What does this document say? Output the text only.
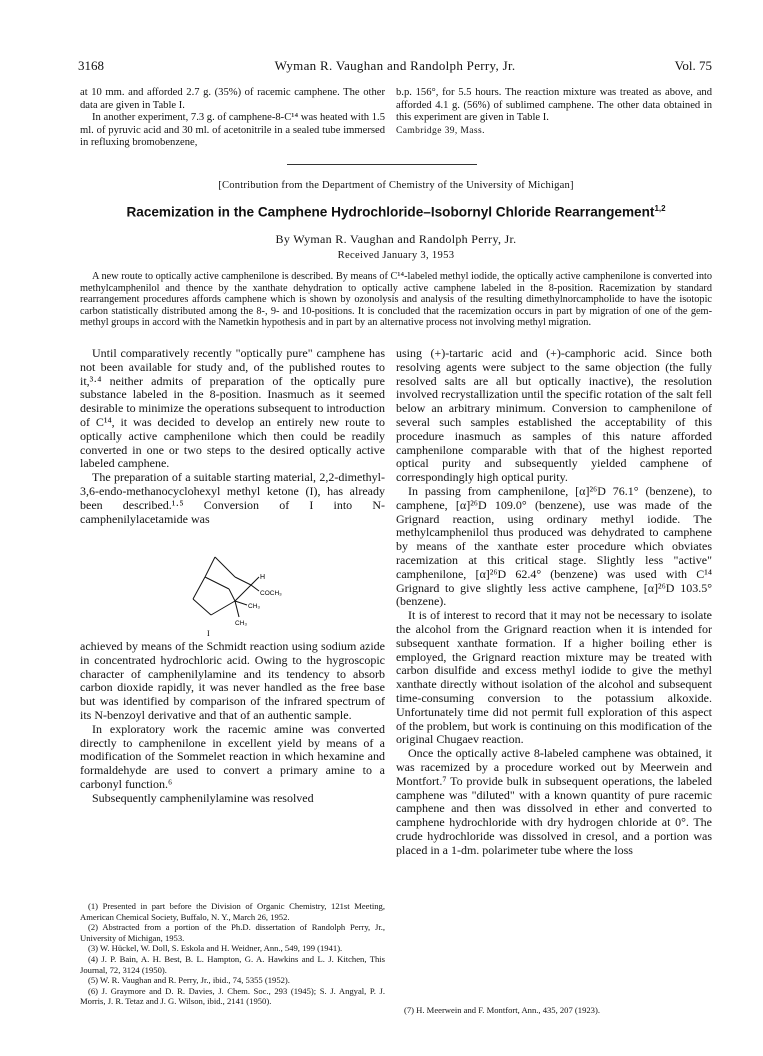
3168	Wyman R. Vaughan and Randolph Perry, Jr.	Vol. 75

at 10 mm. and afforded 2.7 g. (35%) of racemic camphene. The other data are given in Table I.

In another experiment, 7.3 g. of camphene-8-C¹⁴ was heated with 1.5 ml. of pyruvic acid and 30 ml. of acetonitrile in a sealed tube immersed in refluxing bromobenzene,

b.p. 156°, for 5.5 hours. The reaction mixture was treated as above, and afforded 4.1 g. (56%) of sublimed camphene. The other data obtained in this experiment are given in Table I.

Cambridge 39, Mass.

[Contribution from the Department of Chemistry of the University of Michigan]
Racemization in the Camphene Hydrochloride–Isobornyl Chloride Rearrangement$^{1,2}$
By Wyman R. Vaughan and Randolph Perry, Jr.
Received January 3, 1953

A new route to optically active camphenilone is described. By means of C¹⁴-labeled methyl iodide, the optically active camphenilone is converted into methylcamphenilol and thence by the xanthate dehydration to optically active camphene labeled in the 8-position. Racemization by standard rearrangement procedures affords camphene which is shown by ozonolysis and analysis of the resulting dimethylnorcampholide to have the isotopic carbon statistically distributed among the 8-, 9- and 10-positions. It is concluded that the racemization occurs in part by migration of one of the gem-methyl groups in accord with the Nametkin hypothesis and in part by an alternative process not involving methyl migration.

Until comparatively recently "optically pure" camphene has not been available for study and, of the published routes to it,³·⁴ neither admits of preparation of the optically pure substance labeled in the 8-position. Inasmuch as it seemed desirable to minimize the operations subsequent to introduction of C¹⁴, it was decided to develop an entirely new route to optically active camphenilone which then could be readily converted in one or two steps to the desired optically active labeled camphene.

The preparation of a suitable starting material, 2,2-dimethyl-3,6-endo-methanocyclohexyl methyl ketone (I), has already been described.¹·⁵ Conversion of I into N-camphenilylacetamide was

H
COCH₃
CH₃
CH₃
I

achieved by means of the Schmidt reaction using sodium azide in concentrated hydrochloric acid. Owing to the hygroscopic character of camphenilylamine and its tendency to absorb carbon dioxide rapidly, it was never handled as the free base but was identified by comparison of the infrared spectrum of its N-benzoyl derivative and that of an authentic sample.

In exploratory work the racemic amine was converted directly to camphenilone in excellent yield by means of a modification of the Sommelet reaction in which hexamine and formaldehyde are used to convert a primary amine to a carbonyl function.⁶

Subsequently camphenilylamine was resolved

(1) Presented in part before the Division of Organic Chemistry, 121st Meeting, American Chemical Society, Buffalo, N. Y., March 26, 1952.

(2) Abstracted from a portion of the Ph.D. dissertation of Randolph Perry, Jr., University of Michigan, 1953.

(3) W. Hückel, W. Doll, S. Eskola and H. Weidner, Ann., 549, 199 (1941).

(4) J. P. Bain, A. H. Best, B. L. Hampton, G. A. Hawkins and L. J. Kitchen, This Journal, 72, 3124 (1950).

(5) W. R. Vaughan and R. Perry, Jr., ibid., 74, 5355 (1952).

(6) J. Graymore and D. R. Davies, J. Chem. Soc., 293 (1945); S. J. Angyal, P. J. Morris, J. R. Tetaz and J. G. Wilson, ibid., 2141 (1950).

using (+)-tartaric acid and (+)-camphoric acid. Since both resolving agents were subject to the same objection (the fully resolved salts are all but optically inactive), the resolution involved recrystallization until the specific rotation of the salt fell below an arbitrary minimum. Conversion to camphenilone of several such samples established the acceptability of this procedure inasmuch as samples of this nature afforded camphenilone comparable with that of the highest reported optical purity and subsequently yielded camphene of correspondingly high optical purity.

In passing from camphenilone, [α]²⁶D 76.1° (benzene), to camphene, [α]²⁶D 109.0° (benzene), use was made of the Grignard reaction, using ordinary methyl iodide. The methylcamphenilol thus produced was dehydrated to camphene by means of the xanthate ester procedure which obviates racemization at this critical stage. Slightly less "active" camphenilone, [α]²⁶D 62.4° (benzene) was used with C¹⁴ Grignard to give slightly less active camphene, [α]²⁶D 103.5° (benzene).

It is of interest to record that it may not be necessary to isolate the alcohol from the Grignard reaction when it is intended for subsequent xanthate formation. If a higher boiling ether is employed, the Grignard reaction mixture may be treated with carbon disulfide and excess methyl iodide to give the methyl xanthate directly without isolation of the alcohol and subsequent time-consuming conversion to the potassium alkoxide. Unfortunately time did not permit full exploration of this aspect of the problem, but work is continuing on this modification of the original Chugaev reaction.

Once the optically active 8-labeled camphene was obtained, it was racemized by a procedure worked out by Meerwein and Montfort.⁷ To provide bulk in subsequent operations, the labeled camphene was "diluted" with a known quantity of pure racemic camphene and then was dissolved in ether and converted to camphene hydrochloride with dry hydrogen chloride at 0°. The crude hydrochloride was dissolved in cresol, and a portion was placed in a 1-dm. polarimeter tube where the loss

(7) H. Meerwein and F. Montfort, Ann., 435, 207 (1923).
